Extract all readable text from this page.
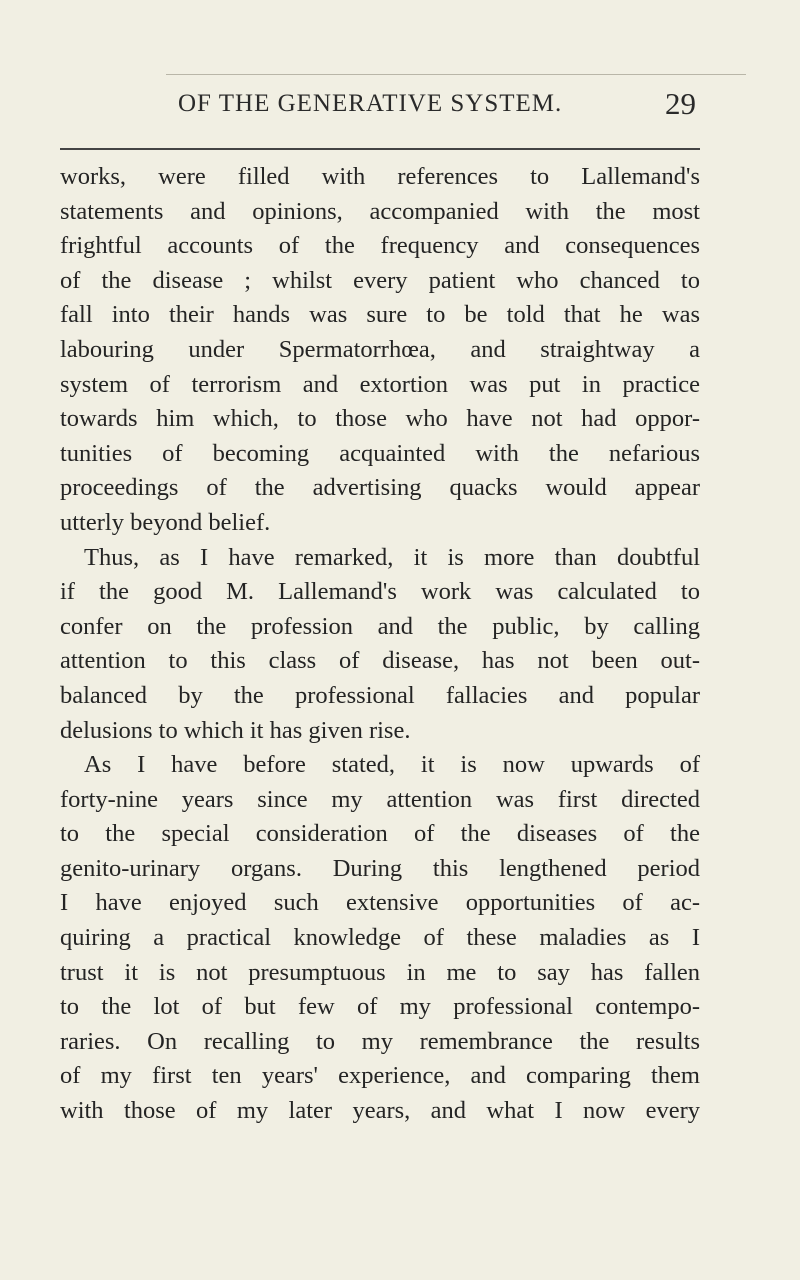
OF THE GENERATIVE SYSTEM.	29
works, were filled with references to Lallemand's
statements and opinions, accompanied with the most
frightful accounts of the frequency and consequences
of the disease ; whilst every patient who chanced to
fall into their hands was sure to be told that he was
labouring under Spermatorrhœa, and straightway a
system of terrorism and extortion was put in practice
towards him which, to those who have not had oppor-
tunities of becoming acquainted with the nefarious
proceedings of the advertising quacks would appear
utterly beyond belief.
Thus, as I have remarked, it is more than doubtful
if the good M. Lallemand's work was calculated to
confer on the profession and the public, by calling
attention to this class of disease, has not been out-
balanced by the professional fallacies and popular
delusions to which it has given rise.
As I have before stated, it is now upwards of
forty-nine years since my attention was first directed
to the special consideration of the diseases of the
genito-urinary organs. During this lengthened period
I have enjoyed such extensive opportunities of ac-
quiring a practical knowledge of these maladies as I
trust it is not presumptuous in me to say has fallen
to the lot of but few of my professional contempo-
raries. On recalling to my remembrance the results
of my first ten years' experience, and comparing them
with those of my later years, and what I now every
